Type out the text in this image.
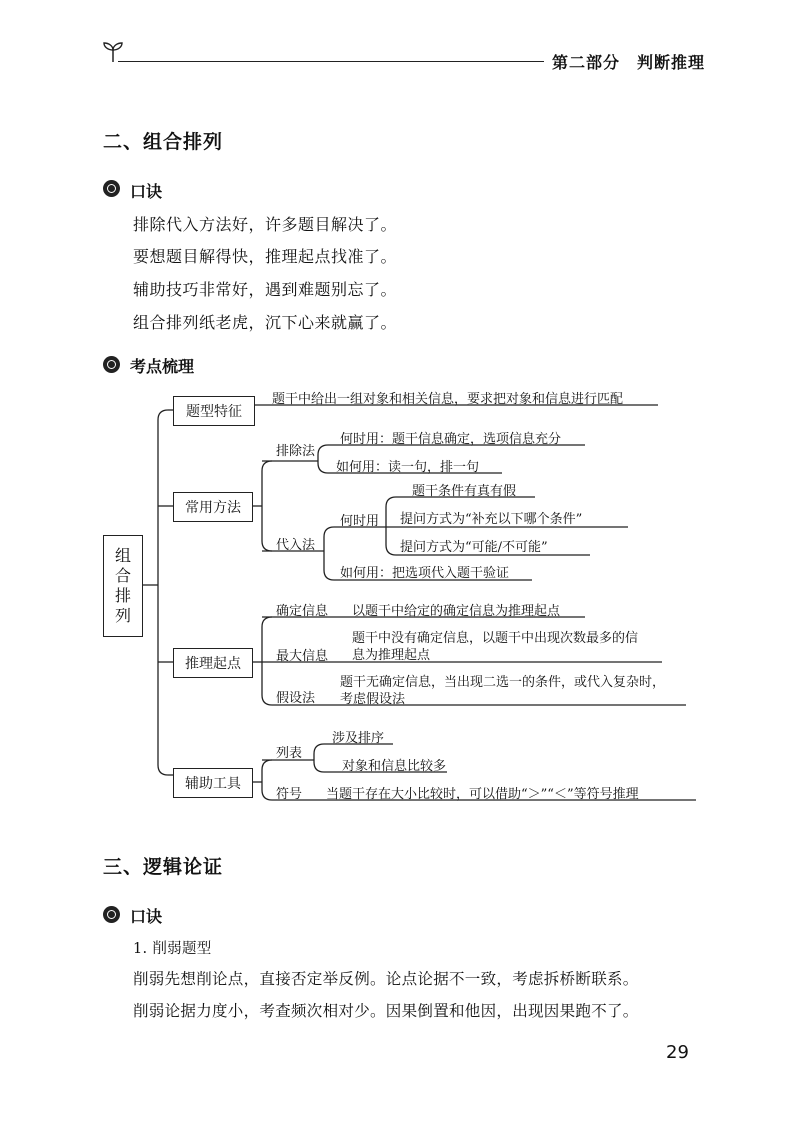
第二部分　判断推理
二、组合排列
口诀
排除代入方法好，许多题目解决了。
要想题目解得快，推理起点找准了。
辅助技巧非常好，遇到难题别忘了。
组合排列纸老虎，沉下心来就赢了。
考点梳理
组
合
排
列
题型特征
题干中给出一组对象和相关信息，要求把对象和信息进行匹配
常用方法
排除法
何时用：题干信息确定，选项信息充分
如何用：读一句，排一句
代入法
何时用
题干条件有真有假
提问方式为“补充以下哪个条件”
提问方式为“可能/不可能”
如何用：把选项代入题干验证
推理起点
确定信息 以题干中给定的确定信息为推理起点
最大信息
题干中没有确定信息，以题干中出现次数最多的信
息为推理起点
假设法
题干无确定信息，当出现二选一的条件，或代入复杂时，
考虑假设法
辅助工具
列表
涉及排序
对象和信息比较多
符号 当题干存在大小比较时，可以借助“＞”“＜”等符号推理
三、逻辑论证
口诀
1. 削弱题型
削弱先想削论点，直接否定举反例。论点论据不一致，考虑拆桥断联系。
削弱论据力度小，考查频次相对少。因果倒置和他因，出现因果跑不了。
29
